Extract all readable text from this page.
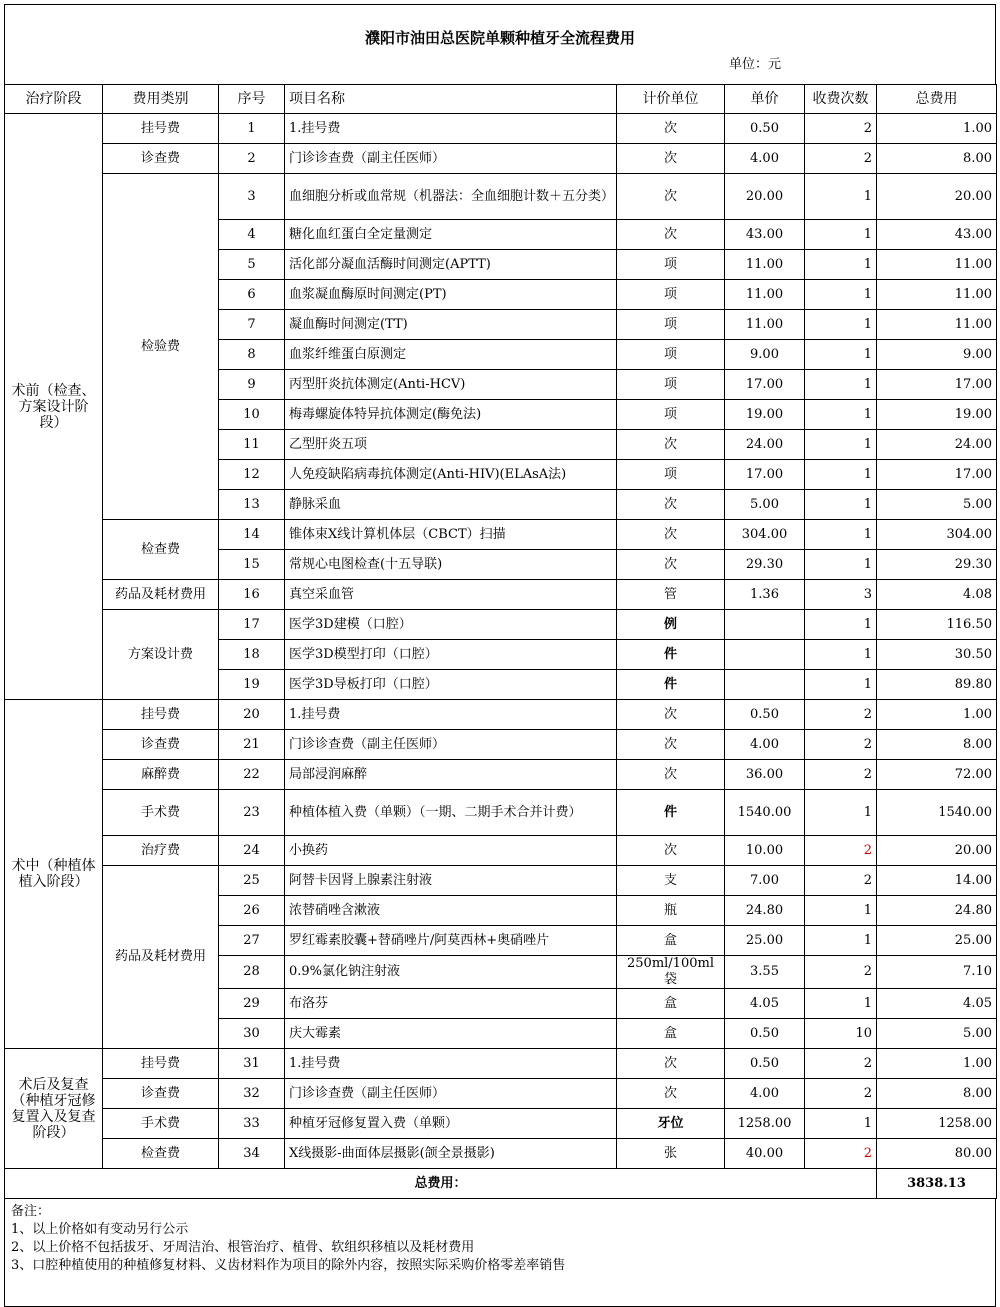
濮阳市油田总医院单颗种植牙全流程费用
单位：元
治疗阶段	费用类别	序号	项目名称	计价单位	单价	收费次数	总费用
术前（检查、方案设计阶段）	挂号费	1	1.挂号费	次	0.50	2	1.00
	诊查费	2	门诊诊查费（副主任医师）	次	4.00	2	8.00
	检验费	3	血细胞分析或血常规（机器法：全血细胞计数＋五分类）	次	20.00	1	20.00
		4	糖化血红蛋白全定量测定	次	43.00	1	43.00
		5	活化部分凝血活酶时间测定(APTT)	项	11.00	1	11.00
		6	血浆凝血酶原时间测定(PT)	项	11.00	1	11.00
		7	凝血酶时间测定(TT)	项	11.00	1	11.00
		8	血浆纤维蛋白原测定	项	9.00	1	9.00
		9	丙型肝炎抗体测定(Anti-HCV)	项	17.00	1	17.00
		10	梅毒螺旋体特异抗体测定(酶免法)	项	19.00	1	19.00
		11	乙型肝炎五项	次	24.00	1	24.00
		12	人免疫缺陷病毒抗体测定(Anti-HIV)(ELAsA法)	项	17.00	1	17.00
		13	静脉采血	次	5.00	1	5.00
	检查费	14	锥体束X线计算机体层（CBCT）扫描	次	304.00	1	304.00
		15	常规心电图检查(十五导联)	次	29.30	1	29.30
	药品及耗材费用	16	真空采血管	管	1.36	3	4.08
	方案设计费	17	医学3D建模（口腔）	例		1	116.50
		18	医学3D模型打印（口腔）	件		1	30.50
		19	医学3D导板打印（口腔）	件		1	89.80
术中（种植体植入阶段）	挂号费	20	1.挂号费	次	0.50	2	1.00
	诊查费	21	门诊诊查费（副主任医师）	次	4.00	2	8.00
	麻醉费	22	局部浸润麻醉	次	36.00	2	72.00
	手术费	23	种植体植入费（单颗）（一期、二期手术合并计费）	件	1540.00	1	1540.00
	治疗费	24	小换药	次	10.00	2	20.00
	药品及耗材费用	25	阿替卡因肾上腺素注射液	支	7.00	2	14.00
		26	浓替硝唑含漱液	瓶	24.80	1	24.80
		27	罗红霉素胶囊+替硝唑片/阿莫西林+奥硝唑片	盒	25.00	1	25.00
		28	0.9%氯化钠注射液	250ml/100ml袋	3.55	2	7.10
		29	布洛芬	盒	4.05	1	4.05
		30	庆大霉素	盒	0.50	10	5.00
术后及复查（种植牙冠修复置入及复查阶段）	挂号费	31	1.挂号费	次	0.50	2	1.00
	诊查费	32	门诊诊查费（副主任医师）	次	4.00	2	8.00
	手术费	33	种植牙冠修复置入费（单颗）	牙位	1258.00	1	1258.00
	检查费	34	X线摄影-曲面体层摄影(颌全景摄影)	张	40.00	2	80.00
总费用：							3838.13
备注：
1、以上价格如有变动另行公示
2、以上价格不包括拔牙、牙周洁治、根管治疗、植骨、软组织移植以及耗材费用
3、口腔种植使用的种植修复材料、义齿材料作为项目的除外内容，按照实际采购价格零差率销售
